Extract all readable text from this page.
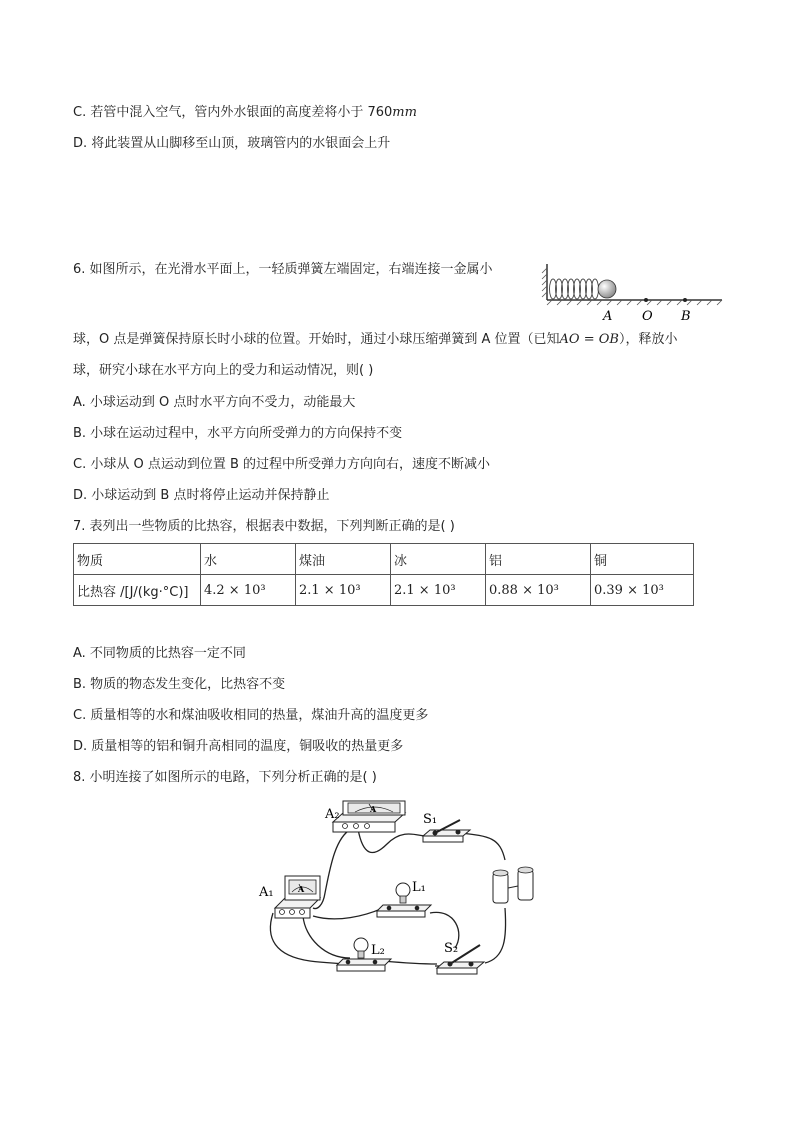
C. 若管中混入空气，管内外水银面的高度差将小于 760mm
D. 将此装置从山脚移至山顶，玻璃管内的水银面会上升
6. 如图所示，在光滑水平面上，一轻质弹簧左端固定，右端连接一金属小
A O B
球，O 点是弹簧保持原长时小球的位置。开始时，通过小球压缩弹簧到 A 位置（已知AO = OB），释放小
球，研究小球在水平方向上的受力和运动情况，则( )
A. 小球运动到 O 点时水平方向不受力，动能最大
B. 小球在运动过程中，水平方向所受弹力的方向保持不变
C. 小球从 O 点运动到位置 B 的过程中所受弹力方向向右，速度不断减小
D. 小球运动到 B 点时将停止运动并保持静止
7. 表列出一些物质的比热容，根据表中数据，下列判断正确的是( )
物质	水	煤油	冰	铝	铜
比热容 /[J/(kg·°C)]	4.2 × 10³	2.1 × 10³	2.1 × 10³	0.88 × 10³	0.39 × 10³
A. 不同物质的比热容一定不同
B. 物质的物态发生变化，比热容不变
C. 质量相等的水和煤油吸收相同的热量，煤油升高的温度更多
D. 质量相等的铝和铜升高相同的温度，铜吸收的热量更多
8. 小明连接了如图所示的电路，下列分析正确的是( )
A
A₂	S₁
A
A₁	L₁
L₂	S₂
